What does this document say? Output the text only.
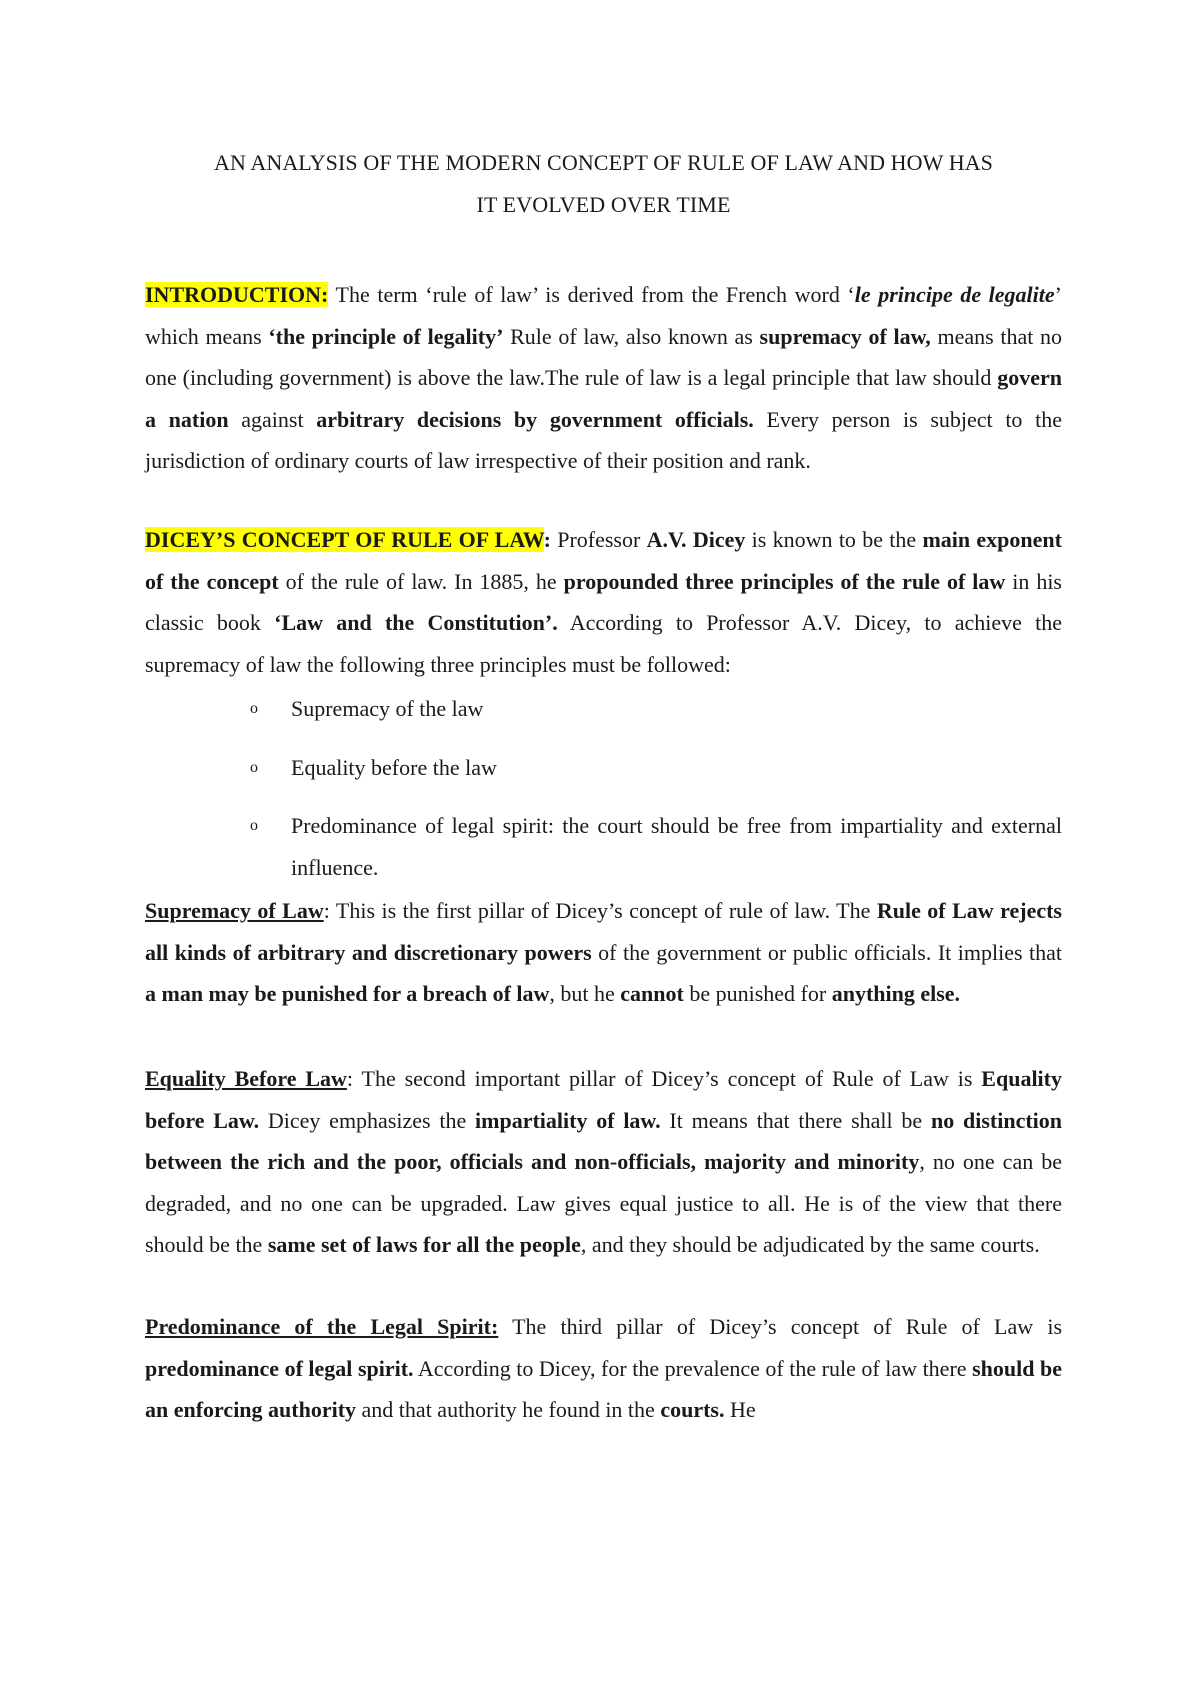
AN ANALYSIS OF THE MODERN CONCEPT OF RULE OF LAW AND HOW HAS
IT EVOLVED OVER TIME

INTRODUCTION: The term ‘rule of law’ is derived from the French word ‘le principe de legalite’ which means ‘the principle of legality’ Rule of law, also known as supremacy of law, means that no one (including government) is above the law.The rule of law is a legal principle that law should govern a nation against arbitrary decisions by government officials. Every person is subject to the jurisdiction of ordinary courts of law irrespective of their position and rank.

DICEY’S CONCEPT OF RULE OF LAW: Professor A.V. Dicey is known to be the main exponent of the concept of the rule of law. In 1885, he propounded three principles of the rule of law in his classic book ‘Law and the Constitution’. According to Professor A.V. Dicey, to achieve the supremacy of law the following three principles must be followed:

o Supremacy of the law
o Equality before the law
o Predominance of legal spirit: the court should be free from impartiality and external influence.

Supremacy of Law: This is the first pillar of Dicey’s concept of rule of law. The Rule of Law rejects all kinds of arbitrary and discretionary powers of the government or public officials. It implies that a man may be punished for a breach of law, but he cannot be punished for anything else.

Equality Before Law: The second important pillar of Dicey’s concept of Rule of Law is Equality before Law. Dicey emphasizes the impartiality of law. It means that there shall be no distinction between the rich and the poor, officials and non-officials, majority and minority, no one can be degraded, and no one can be upgraded. Law gives equal justice to all. He is of the view that there should be the same set of laws for all the people, and they should be adjudicated by the same courts.

Predominance of the Legal Spirit: The third pillar of Dicey’s concept of Rule of Law is predominance of legal spirit. According to Dicey, for the prevalence of the rule of law there should be an enforcing authority and that authority he found in the courts. He
